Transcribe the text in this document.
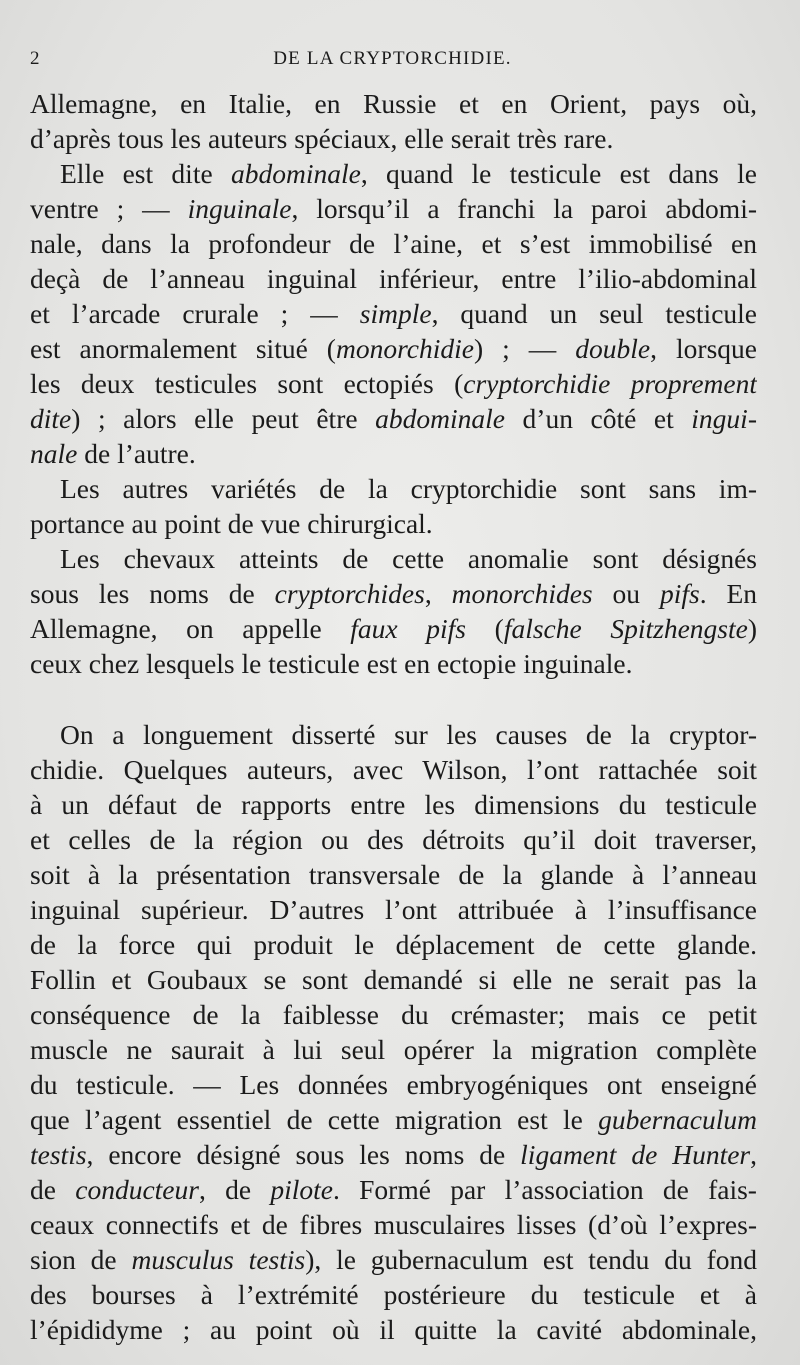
2	DE LA CRYPTORCHIDIE.
Allemagne, en Italie, en Russie et en Orient, pays où,
d’après tous les auteurs spéciaux, elle serait très rare.
Elle est dite abdominale, quand le testicule est dans le
ventre ; — inguinale, lorsqu’il a franchi la paroi abdomi-
nale, dans la profondeur de l’aine, et s’est immobilisé en
deçà de l’anneau inguinal inférieur, entre l’ilio-abdominal
et l’arcade crurale ; — simple, quand un seul testicule
est anormalement situé (monorchidie) ; — double, lorsque
les deux testicules sont ectopiés (cryptorchidie proprement
dite) ; alors elle peut être abdominale d’un côté et ingui-
nale de l’autre.
Les autres variétés de la cryptorchidie sont sans im-
portance au point de vue chirurgical.
Les chevaux atteints de cette anomalie sont désignés
sous les noms de cryptorchides, monorchides ou pifs. En
Allemagne, on appelle faux pifs (falsche Spitzhengste)
ceux chez lesquels le testicule est en ectopie inguinale.
On a longuement disserté sur les causes de la cryptor-
chidie. Quelques auteurs, avec Wilson, l’ont rattachée soit
à un défaut de rapports entre les dimensions du testicule
et celles de la région ou des détroits qu’il doit traverser,
soit à la présentation transversale de la glande à l’anneau
inguinal supérieur. D’autres l’ont attribuée à l’insuffisance
de la force qui produit le déplacement de cette glande.
Follin et Goubaux se sont demandé si elle ne serait pas la
conséquence de la faiblesse du crémaster; mais ce petit
muscle ne saurait à lui seul opérer la migration complète
du testicule. — Les données embryogéniques ont enseigné
que l’agent essentiel de cette migration est le gubernaculum
testis, encore désigné sous les noms de ligament de Hunter,
de conducteur, de pilote. Formé par l’association de fais-
ceaux connectifs et de fibres musculaires lisses (d’où l’expres-
sion de musculus testis), le gubernaculum est tendu du fond
des bourses à l’extrémité postérieure du testicule et à
l’épididyme ; au point où il quitte la cavité abdominale,
